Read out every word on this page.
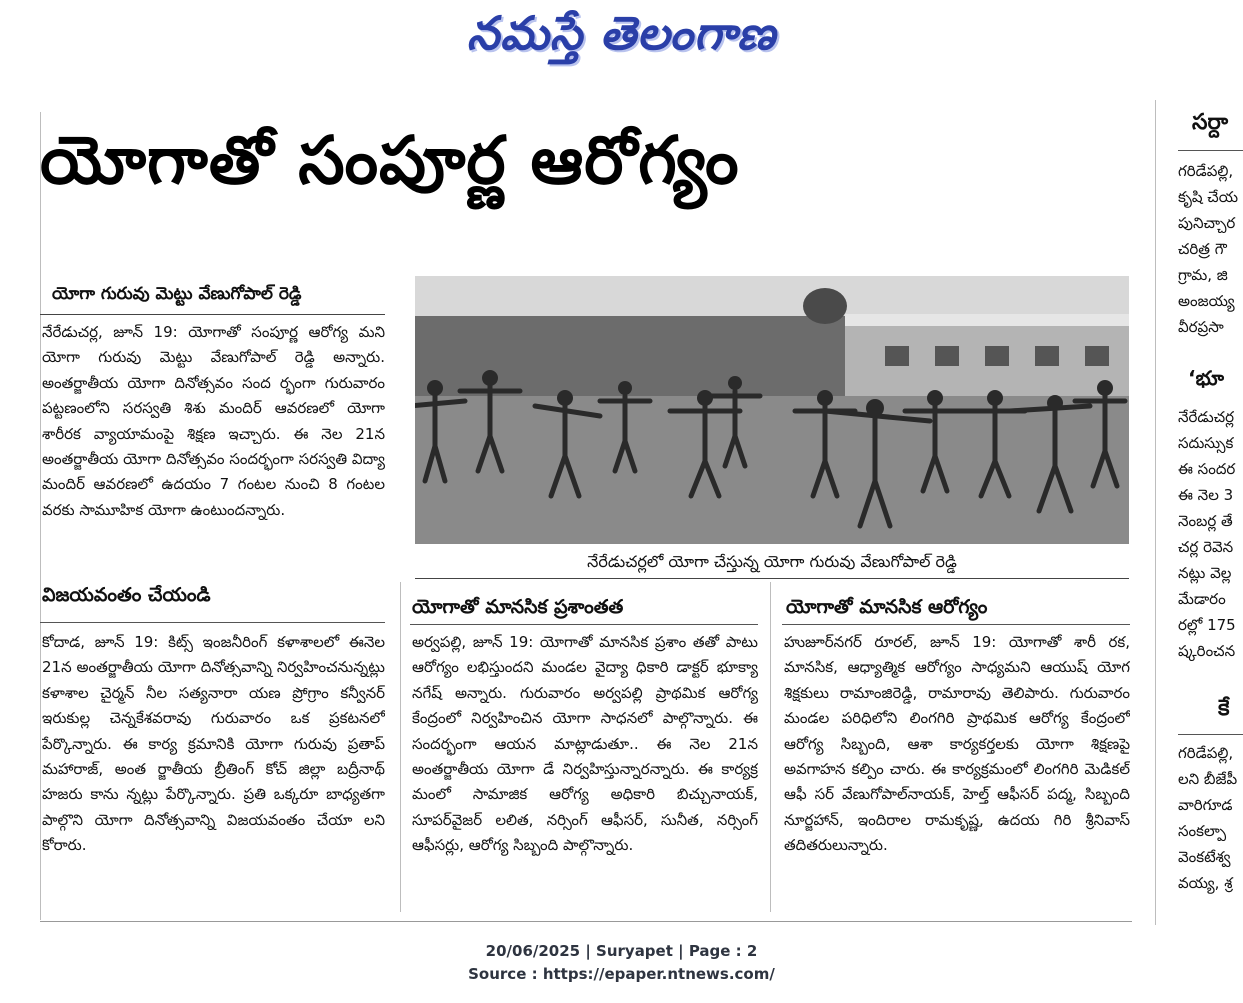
నమస్తే తెలంగాణ
యోగాతో సంపూర్ణ ఆరోగ్యం
యోగా గురువు మెట్టు వేణుగోపాల్ రెడ్డి
నేరేడుచర్ల, జూన్ 19: యోగాతో సంపూర్ణ ఆరోగ్య మని యోగా గురువు మెట్టు వేణుగోపాల్ రెడ్డి అన్నారు. అంతర్జాతీయ యోగా దినోత్సవం సంద ర్భంగా గురువారం పట్టణంలోని సరస్వతి శిశు మందిర్ ఆవరణలో యోగా శారీరక వ్యాయామంపై శిక్షణ ఇచ్చారు. ఈ నెల 21న అంతర్జాతీయ యోగా దినోత్సవం సందర్భంగా సరస్వతి విద్యా మందిర్ ఆవరణలో ఉదయం 7 గంటల నుంచి 8 గంటల వరకు సామూహిక యోగా ఉంటుందన్నారు.
విజయవంతం చేయండి
కోదాడ, జూన్ 19: కిట్స్ ఇంజనీరింగ్ కళాశాలలో ఈనెల 21న అంతర్జాతీయ యోగా దినోత్సవాన్ని నిర్వహించనున్నట్లు కళాశాల చైర్మన్ నీల సత్యనారా యణ ప్రోగ్రాం కన్వీనర్ ఇరుకుల్ల చెన్నకేశవరావు గురువారం ఒక ప్రకటనలో పేర్కొన్నారు. ఈ కార్య క్రమానికి యోగా గురువు ప్రతాప్ మహారాజ్, అంత ర్జాతీయ బ్రీతింగ్ కోచ్ జిల్లా బద్రీనాథ్ హజరు కాను న్నట్లు పేర్కొన్నారు. ప్రతి ఒక్కరూ బాధ్యతగా పాల్గొని యోగా దినోత్సవాన్ని విజయవంతం చేయా లని కోరారు.
నేరేడుచర్లలో యోగా చేస్తున్న యోగా గురువు వేణుగోపాల్ రెడ్డి
యోగాతో మానసిక ప్రశాంతత
అర్వపల్లి, జూన్ 19: యోగాతో మానసిక ప్రశాం తతో పాటు ఆరోగ్యం లభిస్తుందని మండల వైద్యా ధికారి డాక్టర్ భూక్యా నగేష్ అన్నారు. గురువారం అర్వపల్లి ప్రాథమిక ఆరోగ్య కేంద్రంలో నిర్వహించిన యోగా సాధనలో పాల్గొన్నారు. ఈ సందర్భంగా ఆయన మాట్లాడుతూ.. ఈ నెల 21న అంతర్జాతీయ యోగా డే నిర్వహిస్తున్నారన్నారు. ఈ కార్యక్ర మంలో సామాజిక ఆరోగ్య అధికారి బిచ్చునాయక్, సూపర్‌వైజర్ లలిత, నర్సింగ్ ఆఫీసర్, సునీత, నర్సింగ్ ఆఫీసర్లు, ఆరోగ్య సిబ్బంది పాల్గొన్నారు.
యోగాతో మానసిక ఆరోగ్యం
హుజూర్‌నగర్ రూరల్, జూన్ 19: యోగాతో శారీ రక, మానసిక, ఆధ్యాత్మిక ఆరోగ్యం సాధ్యమని ఆయుష్ యోగ శిక్షకులు రామాంజిరెడ్డి, రామారావు తెలిపారు. గురువారం మండల పరిధిలోని లింగగిరి ప్రాథమిక ఆరోగ్య కేంద్రంలో ఆరోగ్య సిబ్బంది, ఆశా కార్యకర్తలకు యోగా శిక్షణపై అవగాహన కల్పిం చారు. ఈ కార్యక్రమంలో లింగగిరి మెడికల్ ఆఫీ సర్ వేణుగోపాల్‌నాయక్, హెల్త్ ఆఫీసర్ పద్మ, సిబ్బంది నూర్జహాన్, ఇందిరాల రామకృష్ణ, ఉదయ గిరి శ్రీనివాస్ తదితరులున్నారు.
సర్దా
గరిడేపల్లి,
కృషి చేయ
పునిచ్చార
చరిత్ర గౌ
గ్రామ, జి
అంజయ్య
వీరప్రసా
‘భూ
నేరేడుచర్ల
సదుస్సుక
ఈ సందర
ఈ నెల 3
నెంబర్ల తే
చర్ల రెవెన
నట్లు వెల్ల
మేడారం
రల్లో 175
ష్కరించన
కే
గరిడేపల్లి,
లని బీజేపీ
వారిగూడ
సంకల్పా
వెంకటేశ్వ
వయ్య, శ్ర
20/06/2025 | Suryapet | Page : 2
Source : https://epaper.ntnews.com/
